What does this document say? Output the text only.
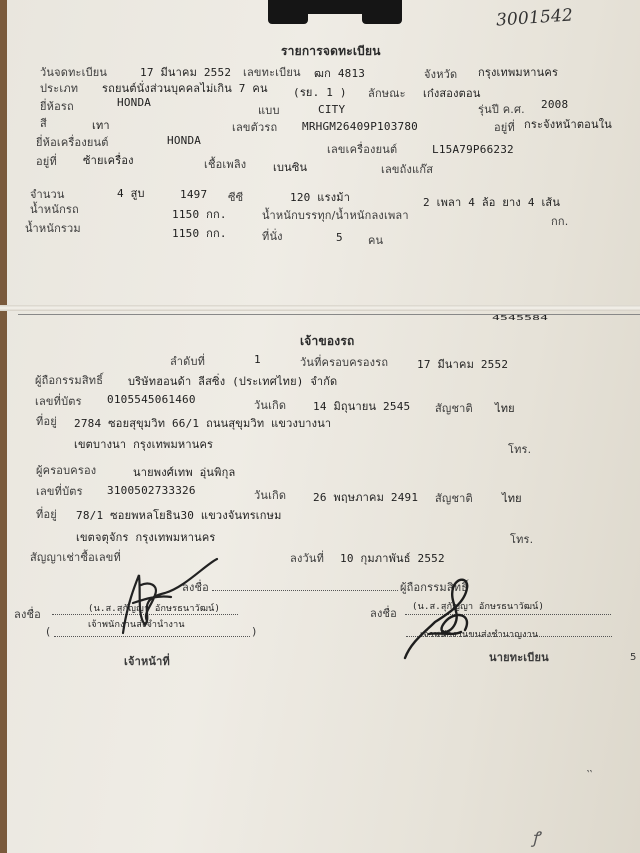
3001542
รายการจดทะเบียน
วันจดทะเบียน	17 มีนาคม 2552 เลขทะเบียน ฒก 4813	จังหวัด กรุงเทพมหานคร
ประเภท รถยนต์นั่งส่วนบุคคลไม่เกิน 7 คน (รย. 1 ) ลักษณะ เก๋งสองตอน
ยี่ห้อรถ	HONDA
แบบ	CITY	รุ่นปี ค.ศ. 2008
สี	เทา	เลขตัวรถ MRHGM26409P103780	อยู่ที่ กระจังหน้าตอนใน
ยี่ห้อเครื่องยนต์	HONDA
เลขเครื่องยนต์	L15A79P66232
อยู่ที่ ซ้ายเครื่อง	เชื้อเพลิง เบนซิน	เลขถังแก๊ส
จำนวน	4 สูบ	1497 ซีซี	120 แรงม้า	2 เพลา 4 ล้อ ยาง 4 เส้น
น้ำหนักรถ	1150 กก.	น้ำหนักบรรทุก/น้ำหนักลงเพลา	กก.
น้ำหนักรวม	1150 กก.	ที่นั่ง	5 คน
4545584
เจ้าของรถ
ลำดับที่	1	วันที่ครอบครองรถ	17 มีนาคม 2552
ผู้ถือกรรมสิทธิ์ บริษัทฮอนด้า ลีสซิ่ง (ประเทศไทย) จำกัด
เลขที่บัตร 0105545061460	วันเกิด 14 มิถุนายน 2545 สัญชาติ ไทย
ที่อยู่ 2784 ซอยสุขุมวิท 66/1 ถนนสุขุมวิท แขวงบางนา
เขตบางนา กรุงเทพมหานคร	โทร.
ผู้ครอบครอง	นายพงศ์เทพ อุ่นพิกุล
เลขที่บัตร 3100502733326	วันเกิด 26 พฤษภาคม 2491 สัญชาติ	ไทย
ที่อยู่ 78/1 ซอยพหลโยธิน30 แขวงจันทรเกษม
เขตจตุจักร กรุงเทพมหานคร	โทร.
สัญญาเช่าซื้อเลขที่	ลงวันที่ 10 กุมภาพันธ์ 2552
ลงชื่อ	ผู้ถือกรรมสิทธิ์
ลงชื่อ	(น.ส.สุกัญญา อักษรธนาวัฒน์)
เจ้าพนักงานส่งจำนำงาน
(	)
เจ้าหน้าที่
ลงชื่อ (น.ส.สุกัญญา อักษรธนาวัฒน์)
เจ้าพนักงานขนส่งชำนาญงาน
นายทะเบียน	5
‵‵
ꝭ
